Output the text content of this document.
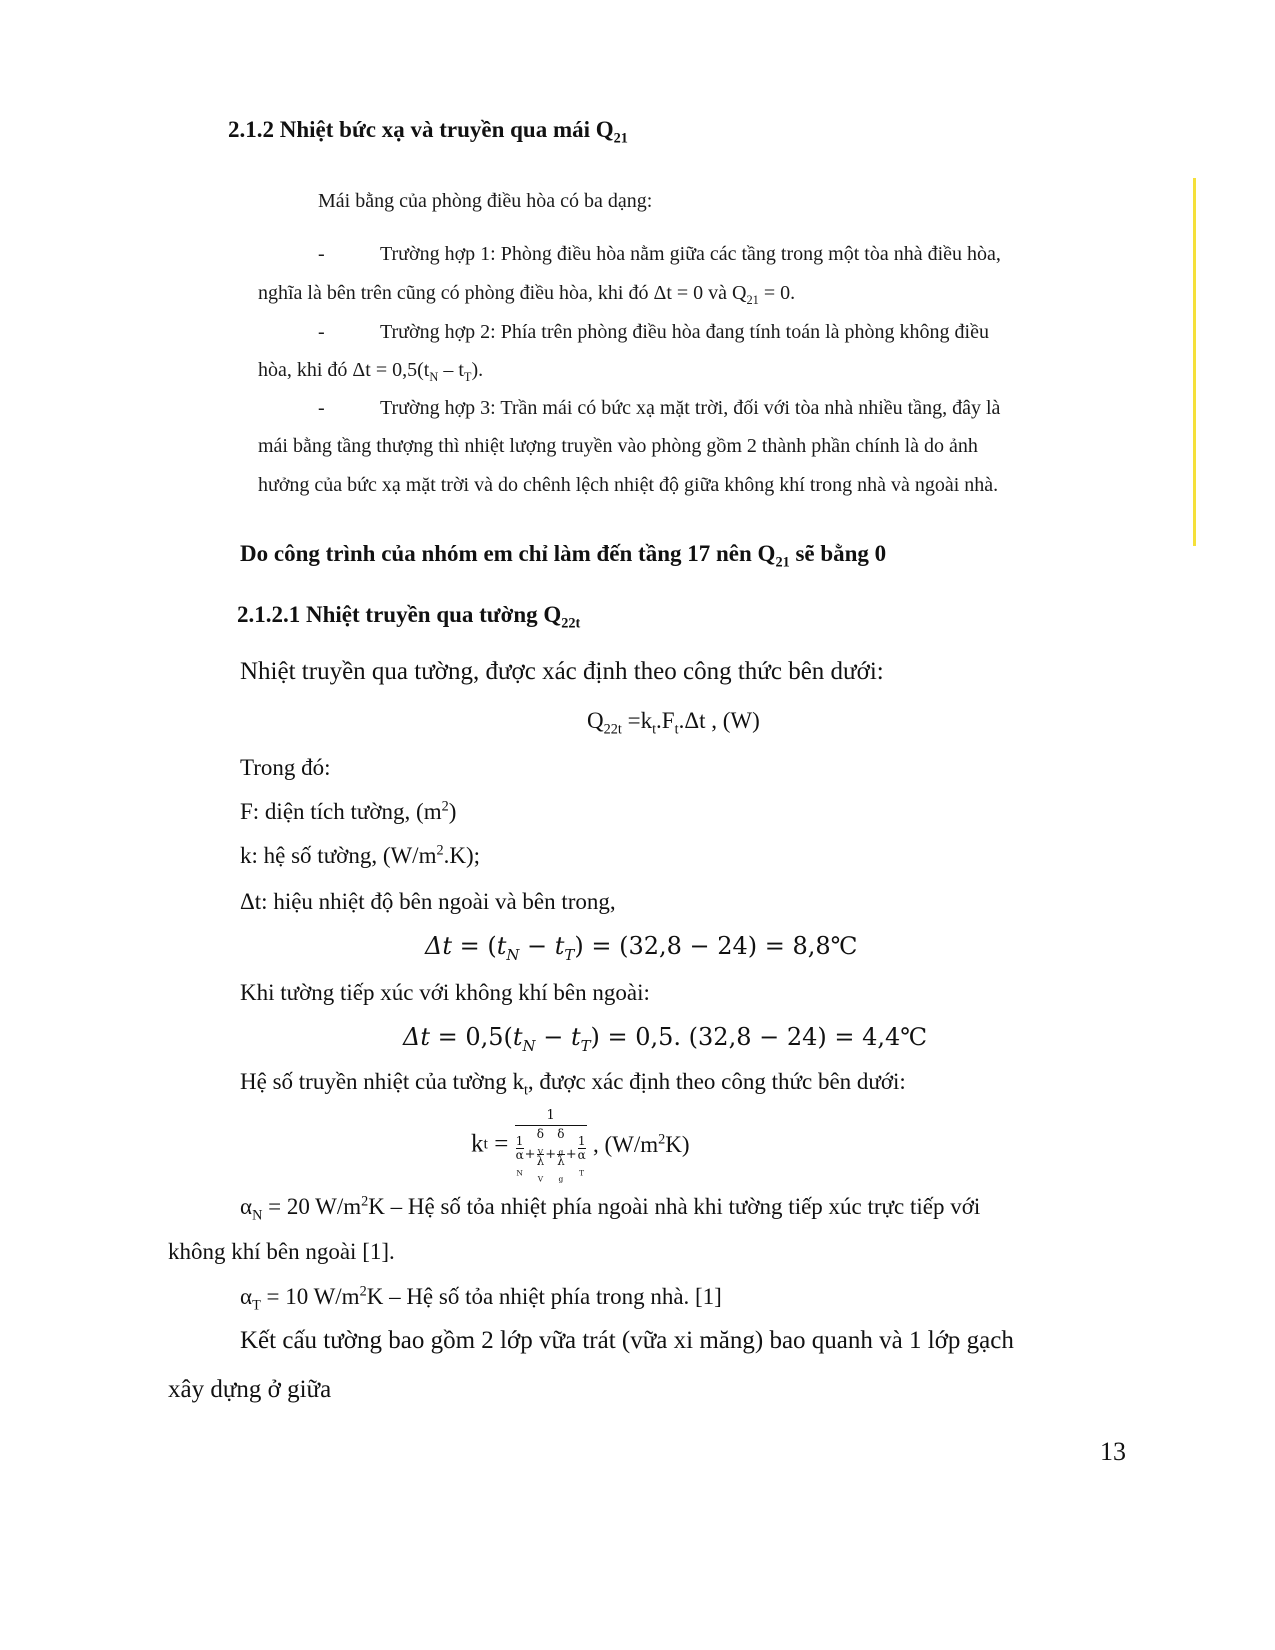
2.1.2 Nhiệt bức xạ và truyền qua mái $Q_{21}$
Mái bằng của phòng điều hòa có ba dạng:
-	Trường hợp 1: Phòng điều hòa nằm giữa các tầng trong một tòa nhà điều hòa,
nghĩa là bên trên cũng có phòng điều hòa, khi đó Δt = 0 và $Q_{21} = 0$.
-	Trường hợp 2: Phía trên phòng điều hòa đang tính toán là phòng không điều
hòa, khi đó $\Delta t = 0,5(t_N - t_T)$.
-	Trường hợp 3: Trần mái có bức xạ mặt trời, đối với tòa nhà nhiều tầng, đây là
mái bằng tầng thượng thì nhiệt lượng truyền vào phòng gồm 2 thành phần chính là do ảnh
hưởng của bức xạ mặt trời và do chênh lệch nhiệt độ giữa không khí trong nhà và ngoài nhà.
Do công trình của nhóm em chỉ làm đến tầng 17 nên $Q_{21}$ sẽ bằng 0
2.1.2.1 Nhiệt truyền qua tường $Q_{22t}$
Nhiệt truyền qua tường, được xác định theo công thức bên dưới:
$Q_{22t} =k_t.F_t.\Delta t$ , (W)
Trong đó:
F: diện tích tường, $(m^2)$
k: hệ số tường, $(W/m^2.K)$;
Δt: hiệu nhiệt độ bên ngoài và bên trong,
$\Delta t = (t_N - t_T) = (32,8 - 24)$ = 8,8℃
Khi tường tiếp xúc với không khí bên ngoài:
$\Delta t = 0,5(t_N - t_T) = 0,5$. (32,8 − 24) = 4,4℃
Hệ số truyền nhiệt của tường $k_t$, được xác định theo công thức bên dưới:
kt = 1
1
α
$_N$ + δ
$_V$
λ
$_V$ + δ
$_g$
λ
$_g$ + 1
α
$_T$ , $(W/m^2K)$
$\alpha_N = 20$ $W/m^2K$ – Hệ số tỏa nhiệt phía ngoài nhà khi tường tiếp xúc trực tiếp với
không khí bên ngoài [1].
$\alpha_T = 10$ $W/m^2K$ – Hệ số tỏa nhiệt phía trong nhà. [1]
Kết cấu tường bao gồm 2 lớp vữa trát (vữa xi măng) bao quanh và 1 lớp gạch
xây dựng ở giữa
13
